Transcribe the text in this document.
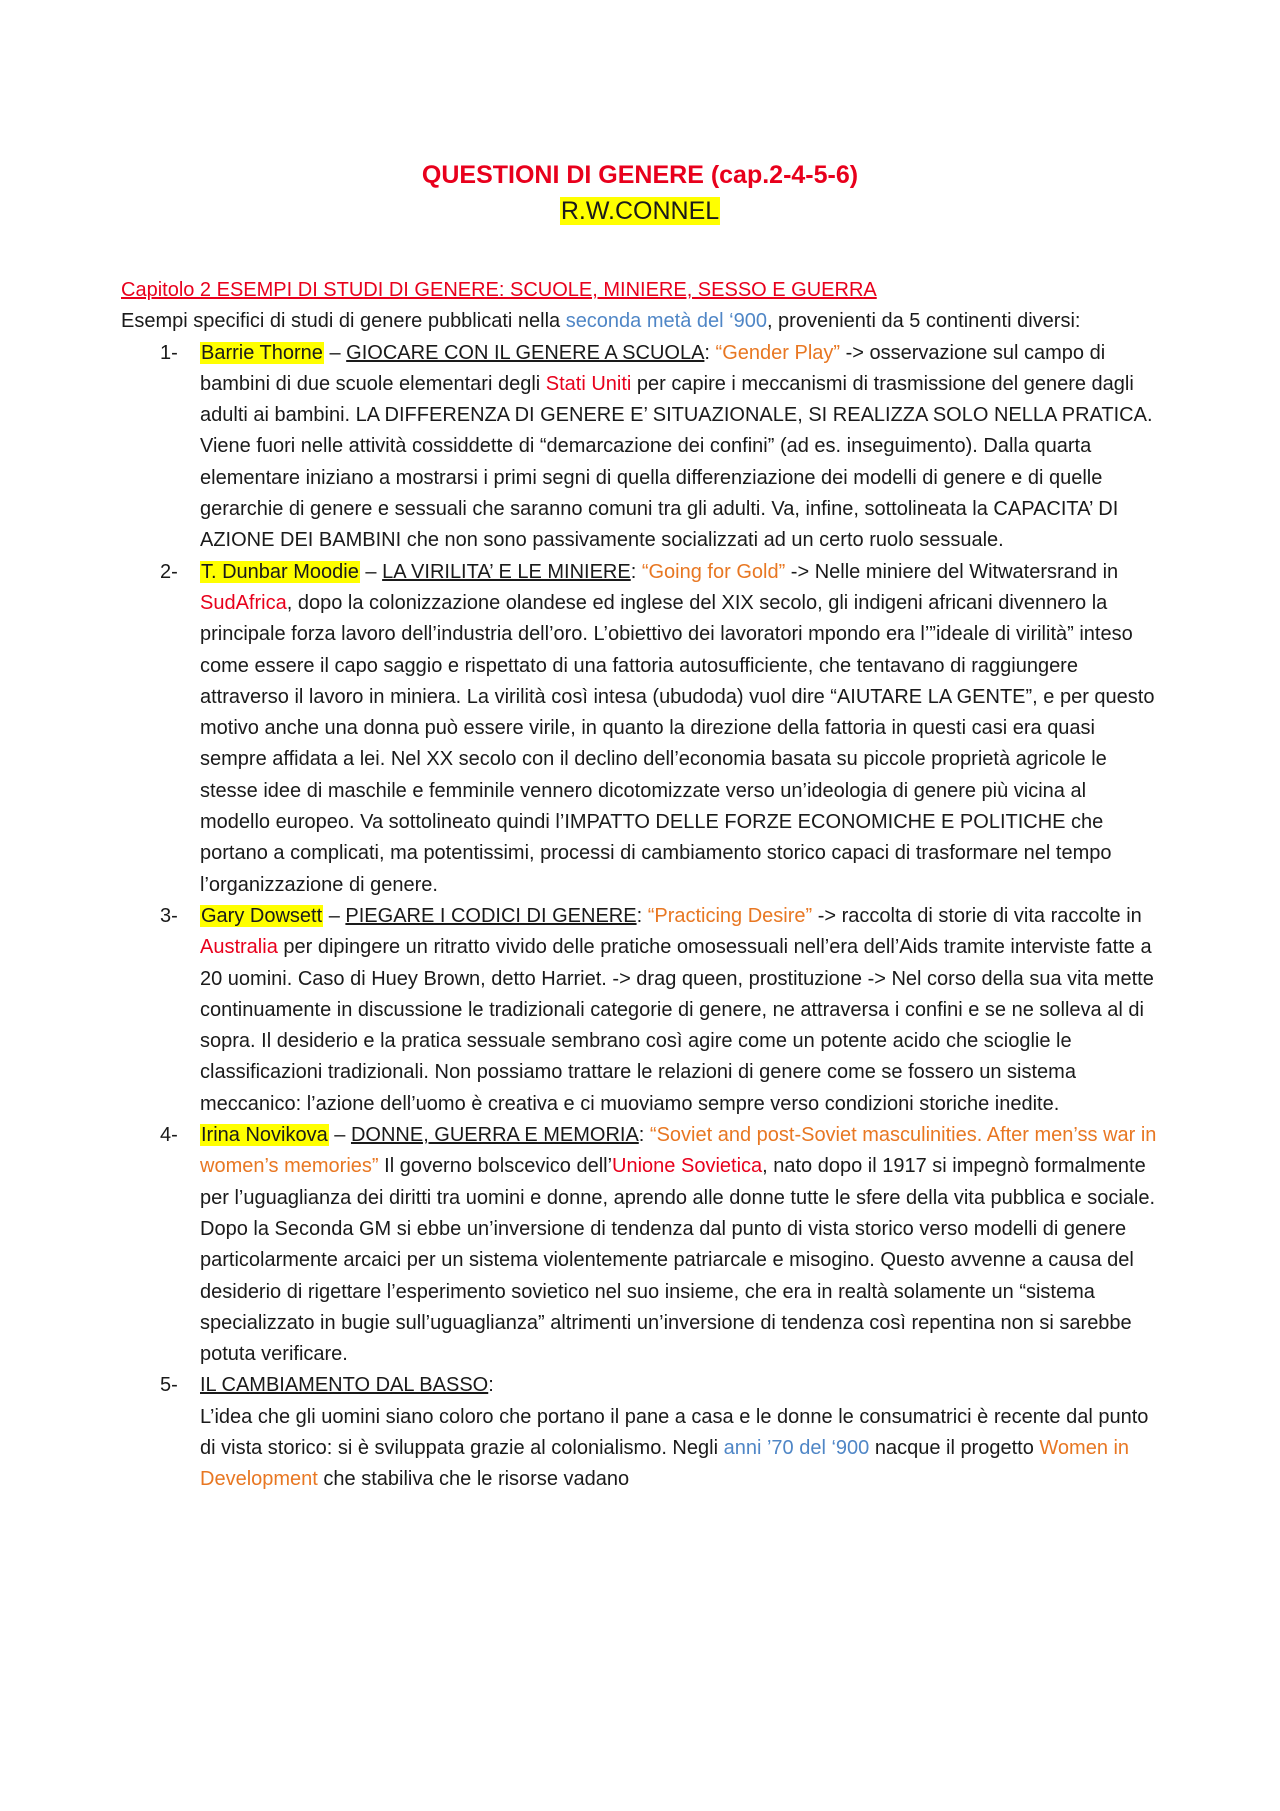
QUESTIONI DI GENERE (cap.2-4-5-6)
R.W.CONNEL

Capitolo 2 ESEMPI DI STUDI DI GENERE: SCUOLE, MINIERE, SESSO E GUERRA

Esempi specifici di studi di genere pubblicati nella seconda metà del ‘900, provenienti da 5 continenti diversi:

1- Barrie Thorne – GIOCARE CON IL GENERE A SCUOLA: “Gender Play” -> osservazione sul campo di bambini di due scuole elementari degli Stati Uniti per capire i meccanismi di trasmissione del genere dagli adulti ai bambini. LA DIFFERENZA DI GENERE E’ SITUAZIONALE, SI REALIZZA SOLO NELLA PRATICA. Viene fuori nelle attività cossiddette di “demarcazione dei confini” (ad es. inseguimento). Dalla quarta elementare iniziano a mostrarsi i primi segni di quella differenziazione dei modelli di genere e di quelle gerarchie di genere e sessuali che saranno comuni tra gli adulti. Va, infine, sottolineata la CAPACITA’ DI AZIONE DEI BAMBINI che non sono passivamente socializzati ad un certo ruolo sessuale.
2- T. Dunbar Moodie – LA VIRILITA’ E LE MINIERE: “Going for Gold” -> Nelle miniere del Witwatersrand in SudAfrica, dopo la colonizzazione olandese ed inglese del XIX secolo, gli indigeni africani divennero la principale forza lavoro dell’industria dell’oro. L’obiettivo dei lavoratori mpondo era l’”ideale di virilità” inteso come essere il capo saggio e rispettato di una fattoria autosufficiente, che tentavano di raggiungere attraverso il lavoro in miniera. La virilità così intesa (ubudoda) vuol dire “AIUTARE LA GENTE”, e per questo motivo anche una donna può essere virile, in quanto la direzione della fattoria in questi casi era quasi sempre affidata a lei. Nel XX secolo con il declino dell’economia basata su piccole proprietà agricole le stesse idee di maschile e femminile vennero dicotomizzate verso un’ideologia di genere più vicina al modello europeo. Va sottolineato quindi l’IMPATTO DELLE FORZE ECONOMICHE E POLITICHE che portano a complicati, ma potentissimi, processi di cambiamento storico capaci di trasformare nel tempo l’organizzazione di genere.
3- Gary Dowsett – PIEGARE I CODICI DI GENERE: “Practicing Desire” -> raccolta di storie di vita raccolte in Australia per dipingere un ritratto vivido delle pratiche omosessuali nell’era dell’Aids tramite interviste fatte a 20 uomini. Caso di Huey Brown, detto Harriet. -> drag queen, prostituzione -> Nel corso della sua vita mette continuamente in discussione le tradizionali categorie di genere, ne attraversa i confini e se ne solleva al di sopra. Il desiderio e la pratica sessuale sembrano così agire come un potente acido che scioglie le classificazioni tradizionali. Non possiamo trattare le relazioni di genere come se fossero un sistema meccanico: l’azione dell’uomo è creativa e ci muoviamo sempre verso condizioni storiche inedite.
4- Irina Novikova – DONNE, GUERRA E MEMORIA: “Soviet and post-Soviet masculinities. After men’ss war in women’s memories” Il governo bolscevico dell’Unione Sovietica, nato dopo il 1917 si impegnò formalmente per l’uguaglianza dei diritti tra uomini e donne, aprendo alle donne tutte le sfere della vita pubblica e sociale. Dopo la Seconda GM si ebbe un’inversione di tendenza dal punto di vista storico verso modelli di genere particolarmente arcaici per un sistema violentemente patriarcale e misogino. Questo avvenne a causa del desiderio di rigettare l’esperimento sovietico nel suo insieme, che era in realtà solamente un “sistema specializzato in bugie sull’uguaglianza” altrimenti un’inversione di tendenza così repentina non si sarebbe potuta verificare.
5- IL CAMBIAMENTO DAL BASSO:
L’idea che gli uomini siano coloro che portano il pane a casa e le donne le consumatrici è recente dal punto di vista storico: si è sviluppata grazie al colonialismo. Negli anni ’70 del ‘900 nacque il progetto Women in Development che stabiliva che le risorse vadano
